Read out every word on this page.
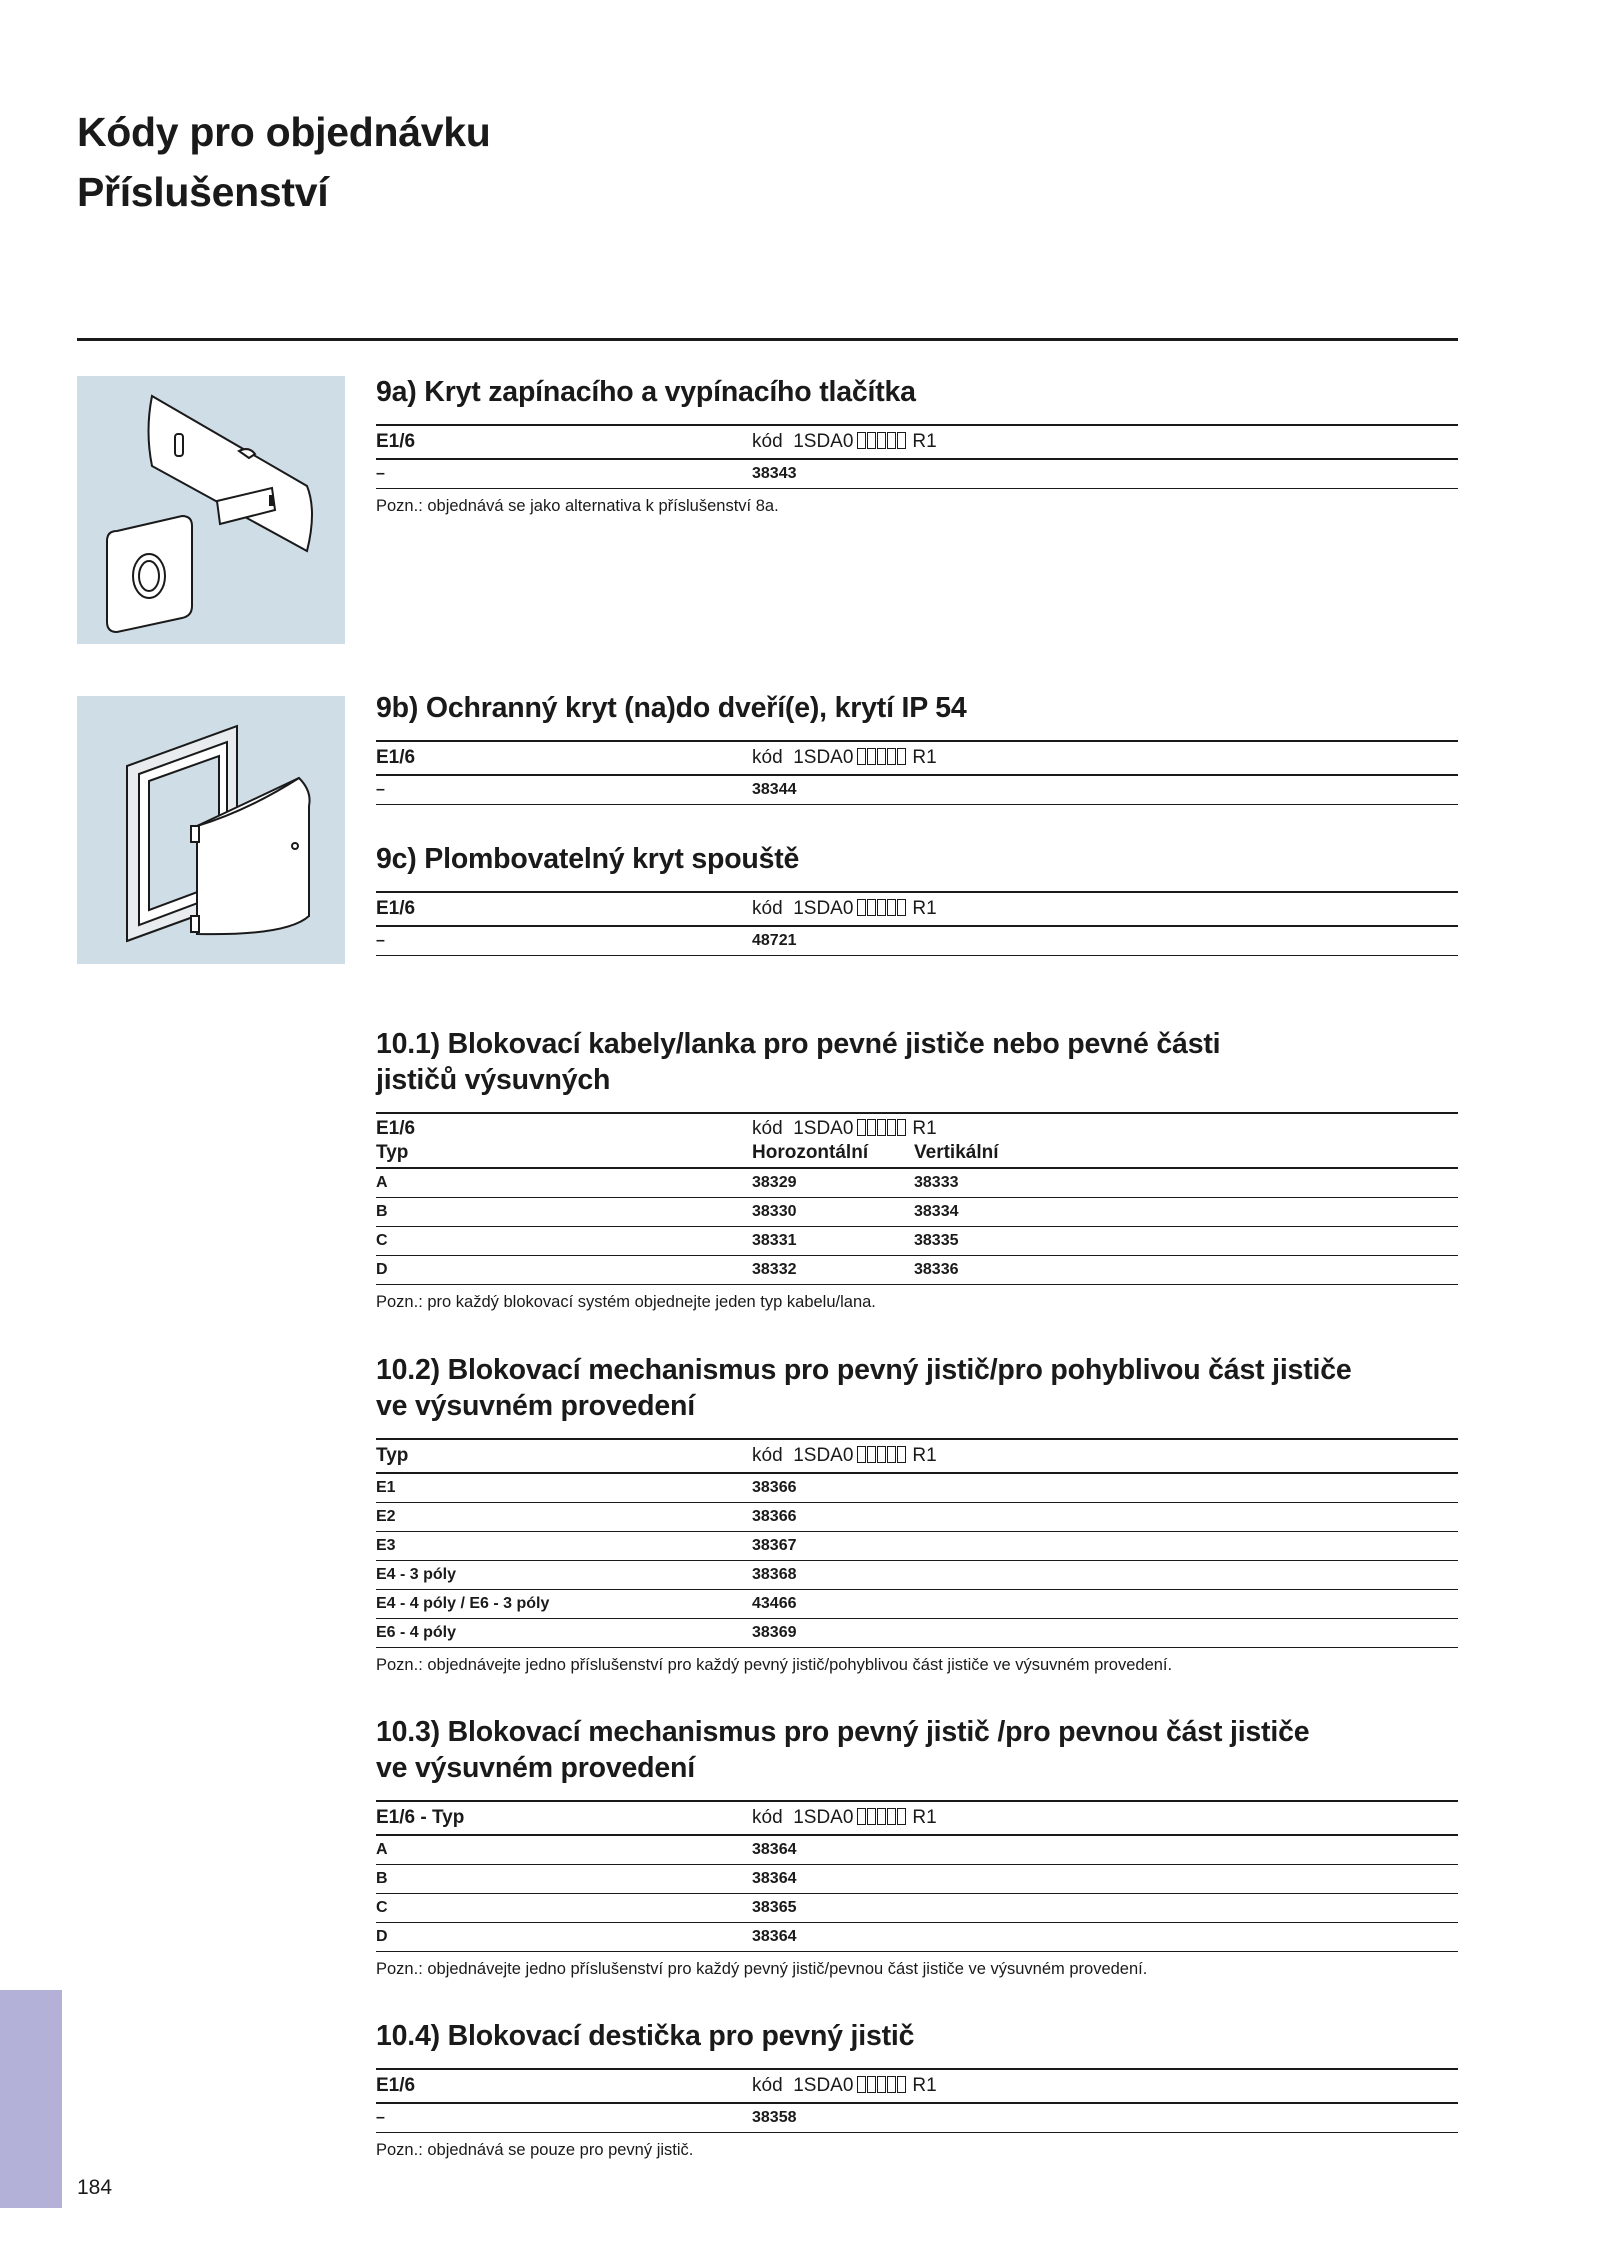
Kódy pro objednávku
Příslušenství
9a) Kryt zapínacího a vypínacího tlačítka
E1/6	kód 1SDA0	R1
–	38343
Pozn.: objednává se jako alternativa k příslušenství 8a.
9b) Ochranný kryt (na)do dveří(e), krytí IP 54
E1/6	kód 1SDA0	R1
–	38344
9c) Plombovatelný kryt spouště
E1/6	kód 1SDA0	R1
–	48721
10.1) Blokovací kabely/lanka pro pevné jističe nebo pevné části
jističů výsuvných
E1/6	kód 1SDA0	R1
Typ	Horozontální	Vertikální
A	38329	38333
B	38330	38334
C	38331	38335
D	38332	38336
Pozn.: pro každý blokovací systém objednejte jeden typ kabelu/lana.
10.2) Blokovací mechanismus pro pevný jistič/pro pohyblivou část jističe
ve výsuvném provedení
Typ	kód 1SDA0	R1
E1	38366
E2	38366
E3	38367
E4 - 3 póly	38368
E4 - 4 póly / E6 - 3 póly	43466
E6 - 4 póly	38369
Pozn.: objednávejte jedno příslušenství pro každý pevný jistič/pohyblivou část jističe ve výsuvném provedení.
10.3) Blokovací mechanismus pro pevný jistič /pro pevnou část jističe
ve výsuvném provedení
E1/6 - Typ	kód 1SDA0	R1
A	38364
B	38364
C	38365
D	38364
Pozn.: objednávejte jedno příslušenství pro každý pevný jistič/pevnou část jističe ve výsuvném provedení.
10.4) Blokovací destička pro pevný jistič
E1/6	kód 1SDA0	R1
–	38358
Pozn.: objednává se pouze pro pevný jistič.
184
